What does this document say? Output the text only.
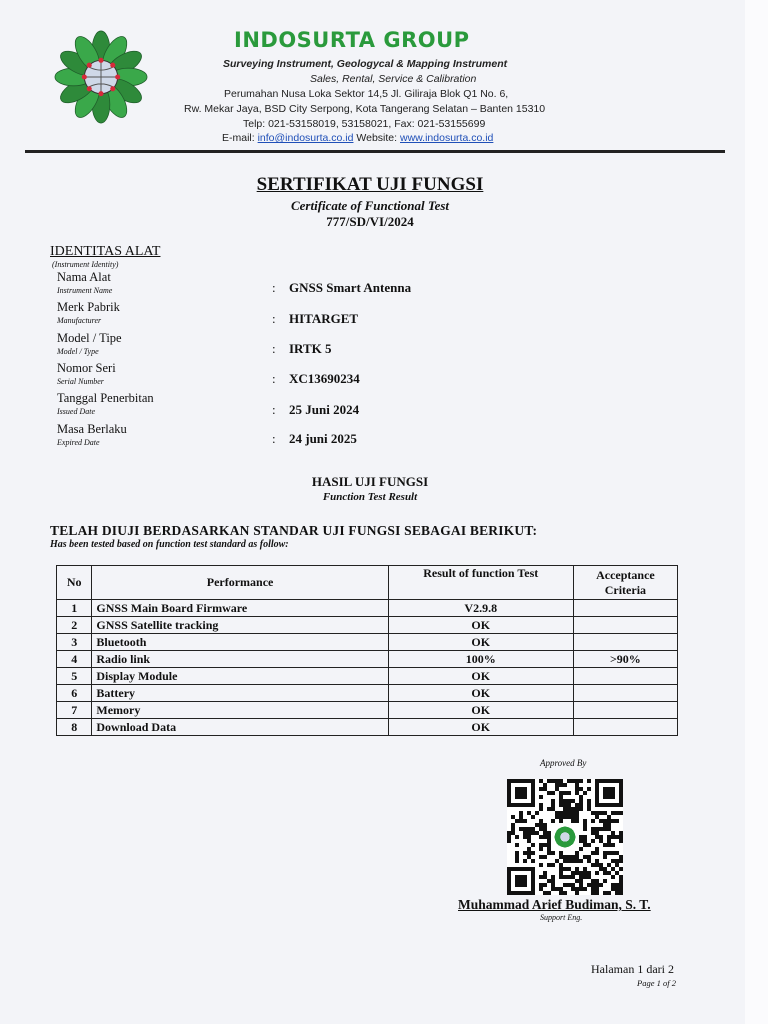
INDOSURTA GROUP
Surveying Instrument, Geologycal & Mapping Instrument
Sales, Rental, Service & Calibration
Perumahan Nusa Loka Sektor 14,5 Jl. Giliraja Blok Q1 No. 6,
Rw. Mekar Jaya, BSD City Serpong, Kota Tangerang Selatan – Banten 15310
Telp: 021-53158019, 53158021, Fax: 021-53155699
E-mail: info@indosurta.co.id Website: www.indosurta.co.id
SERTIFIKAT UJI FUNGSI
Certificate of Functional Test
777/SD/VI/2024
IDENTITAS ALAT
(Instrument Identity)
Nama Alat
Instrument Name	: GNSS Smart Antenna
Merk Pabrik
Manufacturer	: HITARGET
Model / Tipe
Model / Type	: IRTK 5
Nomor Seri
Serial Number	: XC13690234
Tanggal Penerbitan
Issued Date	: 25 Juni 2024
Masa Berlaku
Expired Date	: 24 juni 2025
HASIL UJI FUNGSI
Function Test Result
TELAH DIUJI BERDASARKAN STANDAR UJI FUNGSI SEBAGAI BERIKUT:
Has been tested based on function test standard as follow:
No	Performance	Result of function Test	Acceptance Criteria
1	GNSS Main Board Firmware	V2.9.8	
2	GNSS Satellite tracking	OK	
3	Bluetooth	OK	
4	Radio link	100%	>90%
5	Display Module	OK	
6	Battery	OK	
7	Memory	OK	
8	Download Data	OK	
Approved By
Muhammad Arief Budiman, S. T.
Support Eng.
Halaman 1 dari 2
Page 1 of 2
